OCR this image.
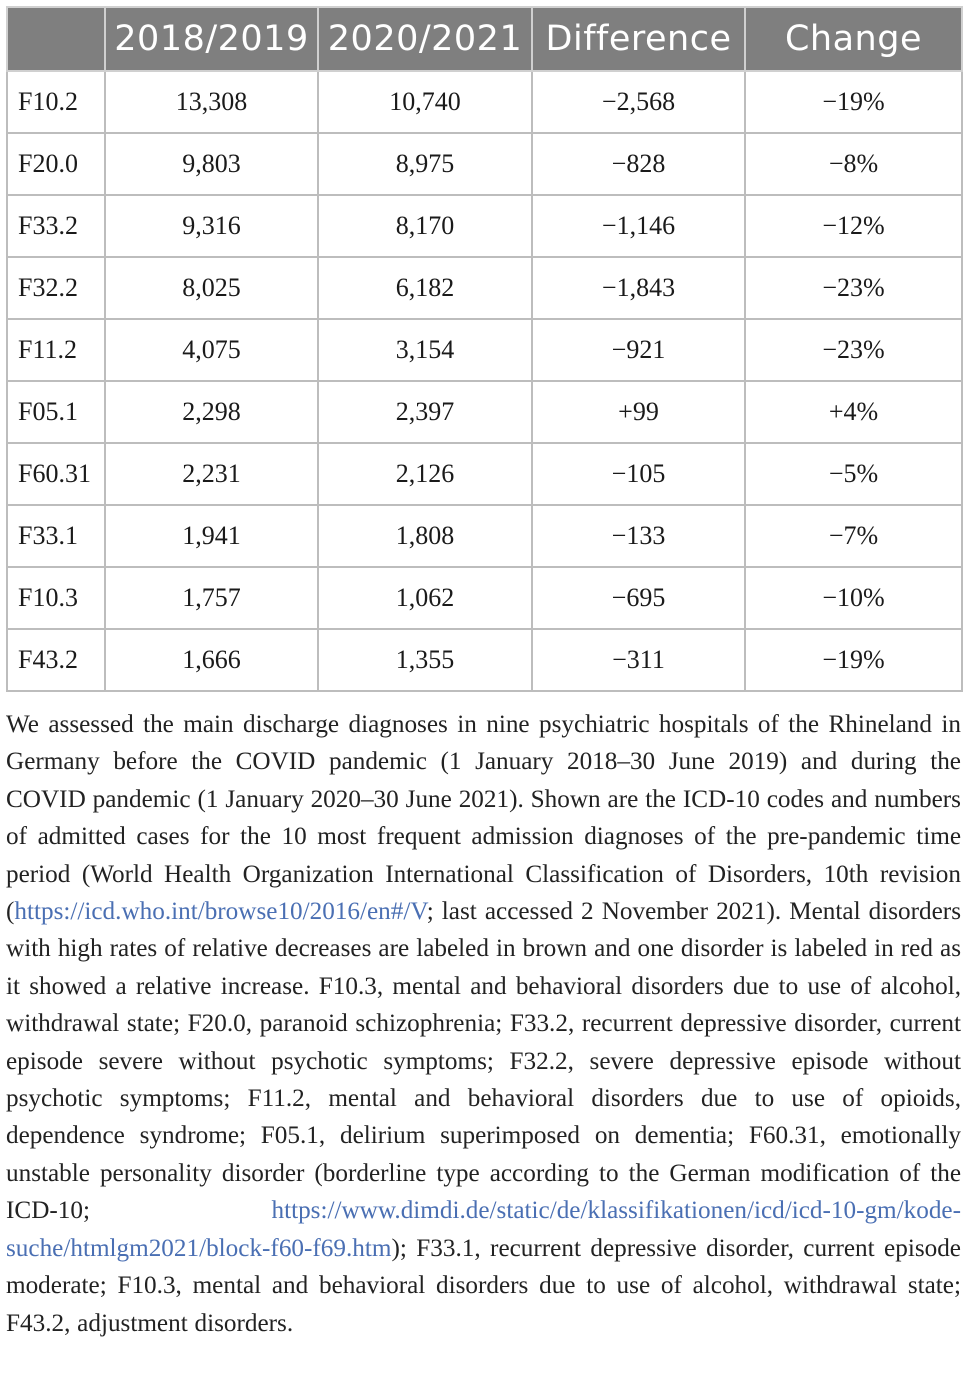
	2018/2019	2020/2021	Difference	Change
F10.2	13,308	10,740	−2,568	−19%
F20.0	9,803	8,975	−828	−8%
F33.2	9,316	8,170	−1,146	−12%
F32.2	8,025	6,182	−1,843	−23%
F11.2	4,075	3,154	−921	−23%
F05.1	2,298	2,397	+99	+4%
F60.31	2,231	2,126	−105	−5%
F33.1	1,941	1,808	−133	−7%
F10.3	1,757	1,062	−695	−10%
F43.2	1,666	1,355	−311	−19%

We assessed the main discharge diagnoses in nine psychiatric hospitals of the Rhineland in Germany before the COVID pandemic (1 January 2018–30 June 2019) and during the COVID pandemic (1 January 2020–30 June 2021). Shown are the ICD-10 codes and numbers of admitted cases for the 10 most frequent admission diagnoses of the pre-pandemic time period (World Health Organization International Classification of Disorders, 10th revision (https://icd.who.int/browse10/2016/en#/V; last accessed 2 November 2021). Mental disorders with high rates of relative decreases are labeled in brown and one disorder is labeled in red as it showed a relative increase. F10.3, mental and behavioral disorders due to use of alcohol, withdrawal state; F20.0, paranoid schizophrenia; F33.2, recurrent depressive disorder, current episode severe without psychotic symptoms; F32.2, severe depressive episode without psychotic symptoms; F11.2, mental and behavioral disorders due to use of opioids, dependence syndrome; F05.1, delirium superimposed on dementia; F60.31, emotionally unstable personality disorder (borderline type according to the German modification of the ICD-10; https://www.dimdi.de/static/de/klassifikationen/icd/icd-10-gm/kode-suche/htmlgm2021/block-f60-f69.htm); F33.1, recurrent depressive disorder, current episode moderate; F10.3, mental and behavioral disorders due to use of alcohol, withdrawal state; F43.2, adjustment disorders.
